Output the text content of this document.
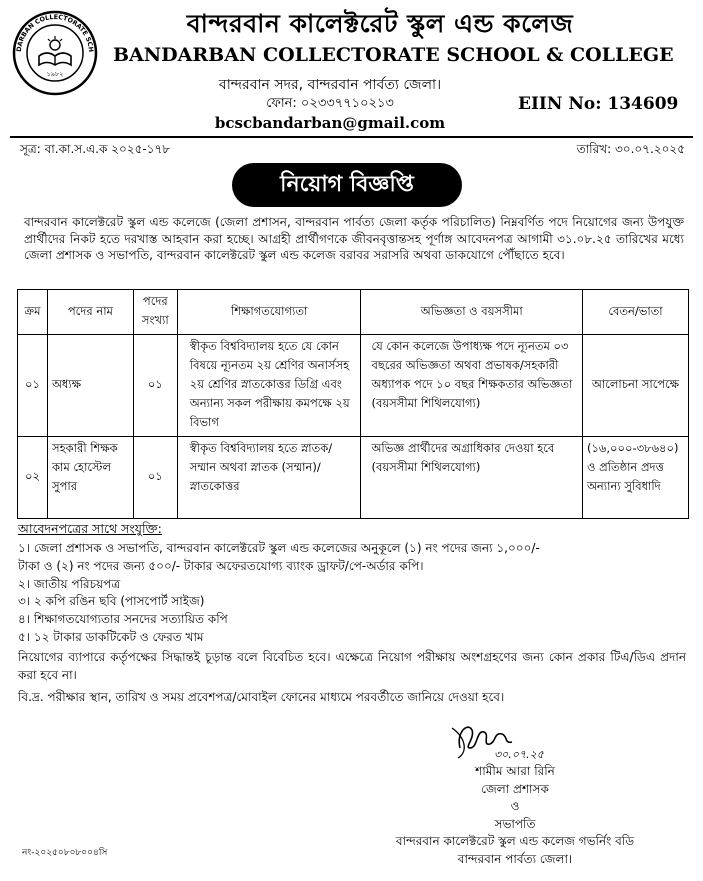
DARBAN COLLECTORATE SCH
১৯৮২
বান্দরবান কালেক্টরেট স্কুল এন্ড কলেজ
BANDARBAN COLLECTORATE SCHOOL & COLLEGE
বান্দরবান সদর, বান্দরবান পার্বত্য জেলা।
ফোন: ০২৩৩৭৭১০২১৩
bcscbandarban@gmail.com
EIIN No: 134609
সূত্র: বা.কা.স.এ.ক ২০২৫-১৭৮	তারিখ: ৩০.০৭.২০২৫
নিয়োগ বিজ্ঞপ্তি
বান্দরবান কালেক্টরেট স্কুল এন্ড কলেজে (জেলা প্রশাসন, বান্দরবান পার্বত্য জেলা কর্তৃক পরিচালিত) নিম্নবর্ণিত পদে নিয়োগের জন্য উপযুক্ত প্রার্থীদের নিকট হতে দরখাস্ত আহবান করা হচ্ছে। আগ্রহী প্রার্থীগণকে জীবনবৃত্তান্তসহ পূর্ণাঙ্গ আবেদনপত্র আগামী ৩১.০৮.২৫ তারিখের মধ্যে জেলা প্রশাসক ও সভাপতি, বান্দরবান কালেক্টরেট স্কুল এন্ড কলেজ বরাবর সরাসরি অথবা ডাকযোগে পৌঁছাতে হবে।
ক্রম	পদের নাম	পদের সংখ্যা	শিক্ষাগতযোগ্যতা	অভিজ্ঞতা ও বয়সসীমা	বেতন/ভাতা
০১	অধ্যক্ষ	০১	স্বীকৃত বিশ্ববিদ্যালয় হতে যে কোন বিষয়ে ন্যূনতম ২য় শ্রেণির অনার্সসহ ২য় শ্রেণির স্নাতকোত্তর ডিগ্রি এবং অন্যান্য সকল পরীক্ষায় কমপক্ষে ২য় বিভাগ	যে কোন কলেজে উপাধ্যক্ষ পদে ন্যূনতম ০৩ বছরের অভিজ্ঞতা অথবা প্রভাষক/সহকারী অধ্যাপক পদে ১০ বছর শিক্ষকতার অভিজ্ঞতা (বয়সসীমা শিথিলযোগ্য)	আলোচনা সাপেক্ষে
০২	সহকারী শিক্ষক কাম হোস্টেল সুপার	০১	স্বীকৃত বিশ্ববিদ্যালয় হতে স্নাতক/সম্মান অথবা স্নাতক (সম্মান)/স্নাতকোত্তর	অভিজ্ঞ প্রার্থীদের অগ্রাধিকার দেওয়া হবে (বয়সসীমা শিথিলযোগ্য)	(১৬,০০০-৩৮৬৪০) ও প্রতিষ্ঠান প্রদত্ত অন্যান্য সুবিধাদি
আবেদনপত্রের সাথে সংযুক্তি:
১। জেলা প্রশাসক ও সভাপতি, বান্দরবান কালেক্টরেট স্কুল এন্ড কলেজের অনুকূলে (১) নং পদের জন্য ১,০০০/-
টাকা ও (২) নং পদের জন্য ৫০০/- টাকার অফেরতযোগ্য ব্যাংক ড্রাফট/পে-অর্ডার কপি।
২। জাতীয় পরিচয়পত্র
৩। ২ কপি রঙিন ছবি (পাসপোর্ট সাইজ)
৪। শিক্ষাগতযোগ্যতার সনদের সত্যায়িত কপি
৫। ১২ টাকার ডাকটিকেট ও ফেরত খাম
নিয়োগের ব্যাপারে কর্তৃপক্ষের সিদ্ধান্তই চূড়ান্ত বলে বিবেচিত হবে। এক্ষেত্রে নিয়োগ পরীক্ষায় অংশগ্রহণের জন্য কোন প্রকার টিএ/ডিএ প্রদান করা হবে না।
বি.দ্র. পরীক্ষার স্থান, তারিখ ও সময় প্রবেশপত্র/মোবাইল ফোনের মাধ্যমে পরবর্তীতে জানিয়ে দেওয়া হবে।
৩০.০৭.২৫
শামীম আরা রিনি
জেলা প্রশাসক
ও
সভাপতি
বান্দরবান কালেক্টরেট স্কুল এন্ড কলেজ গভর্নিং বডি
বান্দরবান পার্বত্য জেলা।
নং-২০২৫০৮০৮০০৪সি
